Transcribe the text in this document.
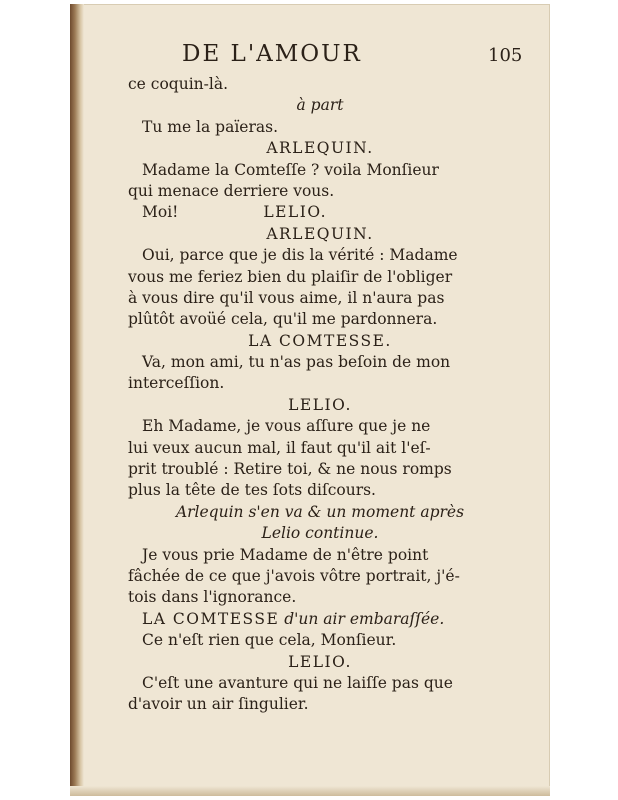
DE L'AMOUR	105
ce coquin-là.
à part
Tu me la païeras.
ARLEQUIN.
Madame la Comteſſe ? voila Monſieur
qui menace derriere vous.
Moi!	LELIO.
ARLEQUIN.
Oui, parce que je dis la vérité : Madame
vous me feriez bien du plaiſir de l'obliger
à vous dire qu'il vous aime, il n'aura pas
plûtôt avoüé cela, qu'il me pardonnera.
LA COMTESSE.
Va, mon ami, tu n'as pas beſoin de mon
interceſſion.
LELIO.
Eh Madame, je vous aſſure que je ne
lui veux aucun mal, il faut qu'il ait l'eſ-
prit troublé : Retire toi, & ne nous romps
plus la tête de tes ſots diſcours.
Arlequin s'en va & un moment après
Lelio continue.
Je vous prie Madame de n'être point
fâchée de ce que j'avois vôtre portrait, j'é-
tois dans l'ignorance.
LA COMTESSE d'un air embaraſſée.
Ce n'eſt rien que cela, Monſieur.
LELIO.
C'eſt une avanture qui ne laiſſe pas que
d'avoir un air ſingulier.
